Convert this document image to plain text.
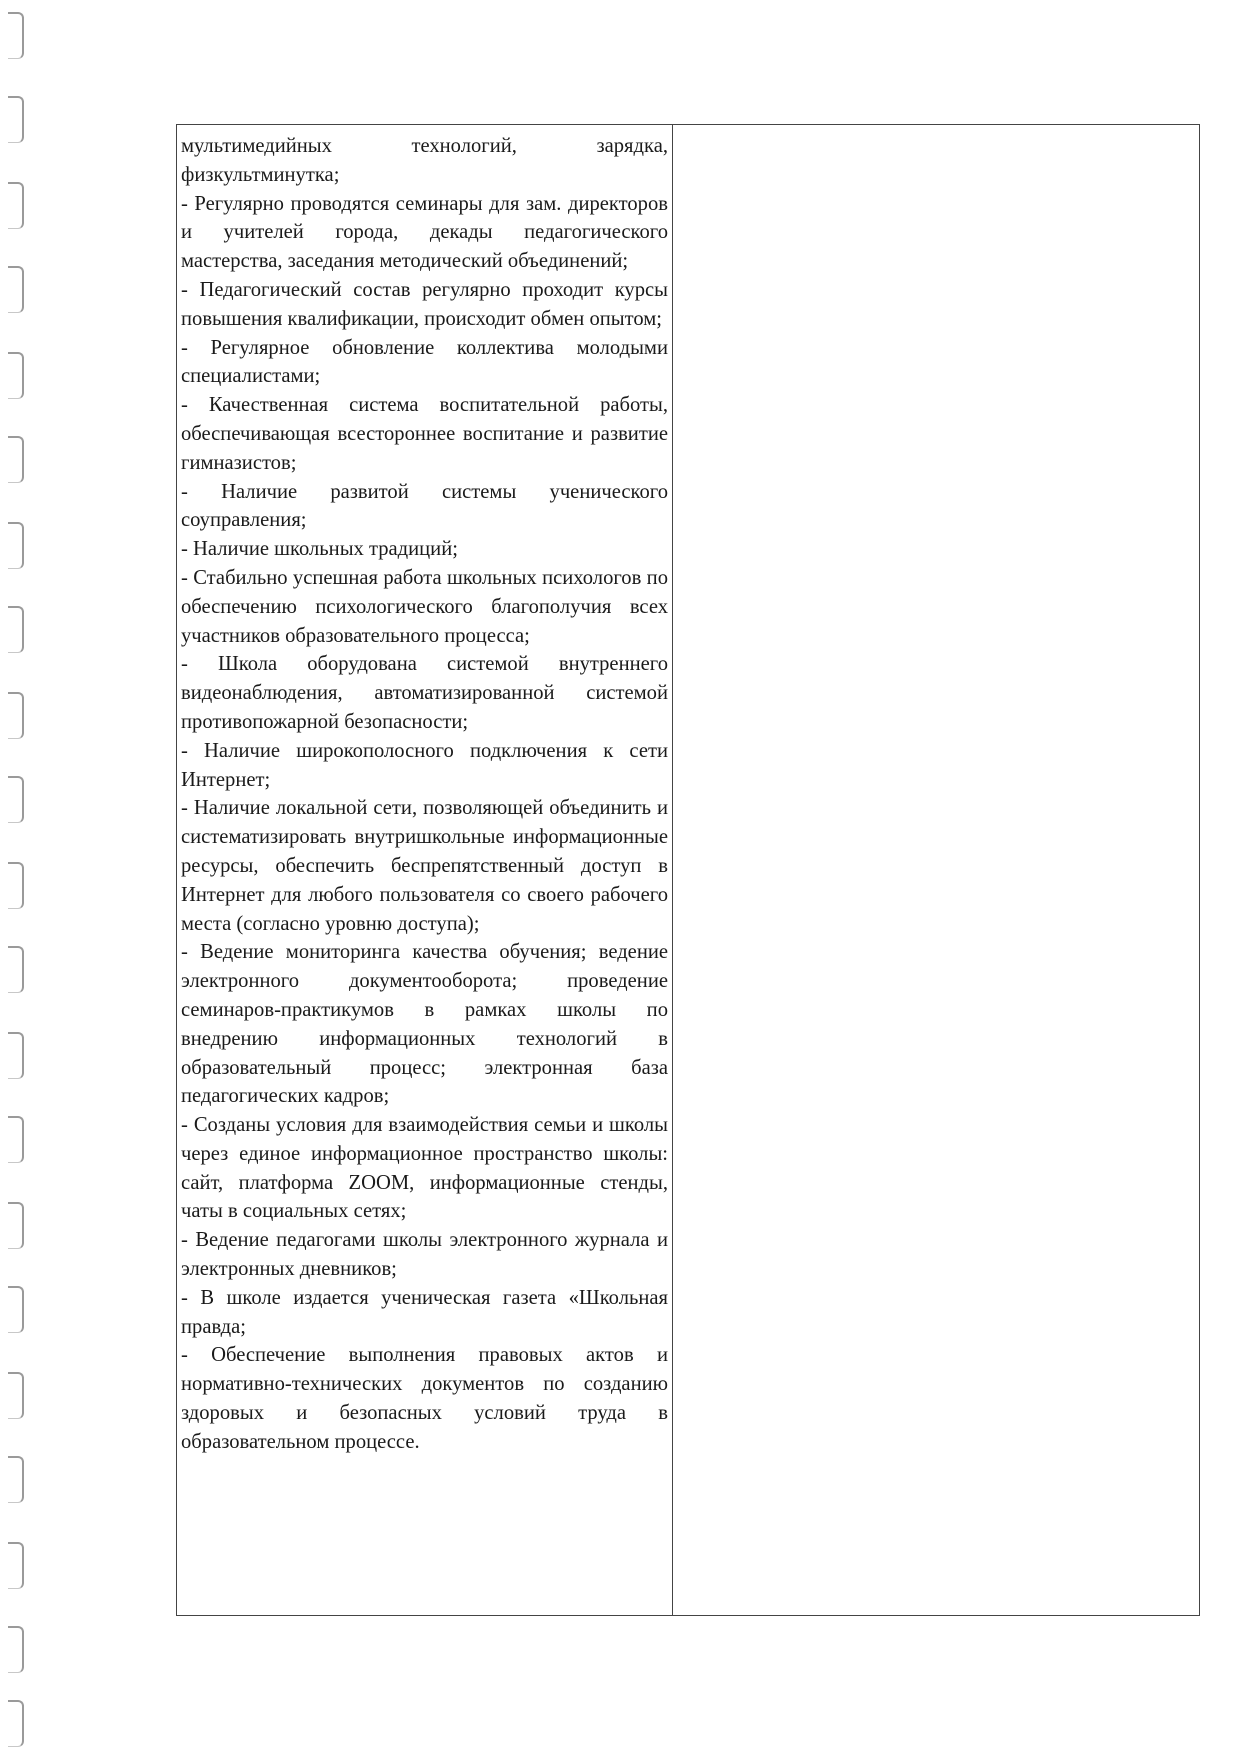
мультимедийных технологий, зарядка, физкультминутка;

- Регулярно проводятся семинары для зам. директоров и учителей города, декады педагогического мастерства, заседания методический объединений;

- Педагогический состав регулярно проходит курсы повышения квалификации, происходит обмен опытом;

- Регулярное обновление коллектива молодыми специалистами;

- Качественная система воспитательной работы, обеспечивающая всестороннее воспитание и развитие гимназистов;

- Наличие развитой системы ученического соуправления;

- Наличие школьных традиций;

- Стабильно успешная работа школьных психологов по обеспечению психологического благополучия всех участников образовательного процесса;

- Школа оборудована системой внутреннего видеонаблюдения, автоматизированной системой противопожарной безопасности;

- Наличие широкополосного подключения к сети Интернет;

- Наличие локальной сети, позволяющей объединить и систематизировать внутришкольные информационные ресурсы, обеспечить беспрепятственный доступ в Интернет для любого пользователя со своего рабочего места (согласно уровню доступа);

- Ведение мониторинга качества обучения; ведение электронного документооборота; проведение семинаров-практикумов в рамках школы по внедрению информационных технологий в образовательный процесс; электронная база педагогических кадров;

- Созданы условия для взаимодействия семьи и школы через единое информационное пространство школы: сайт, платформа ZOOM, информационные стенды, чаты в социальных сетях;

- Ведение педагогами школы электронного журнала и электронных дневников;

- В школе издается ученическая газета «Школьная правда;

- Обеспечение выполнения правовых актов и нормативно-технических документов по созданию здоровых и безопасных условий труда в образовательном процессе.
